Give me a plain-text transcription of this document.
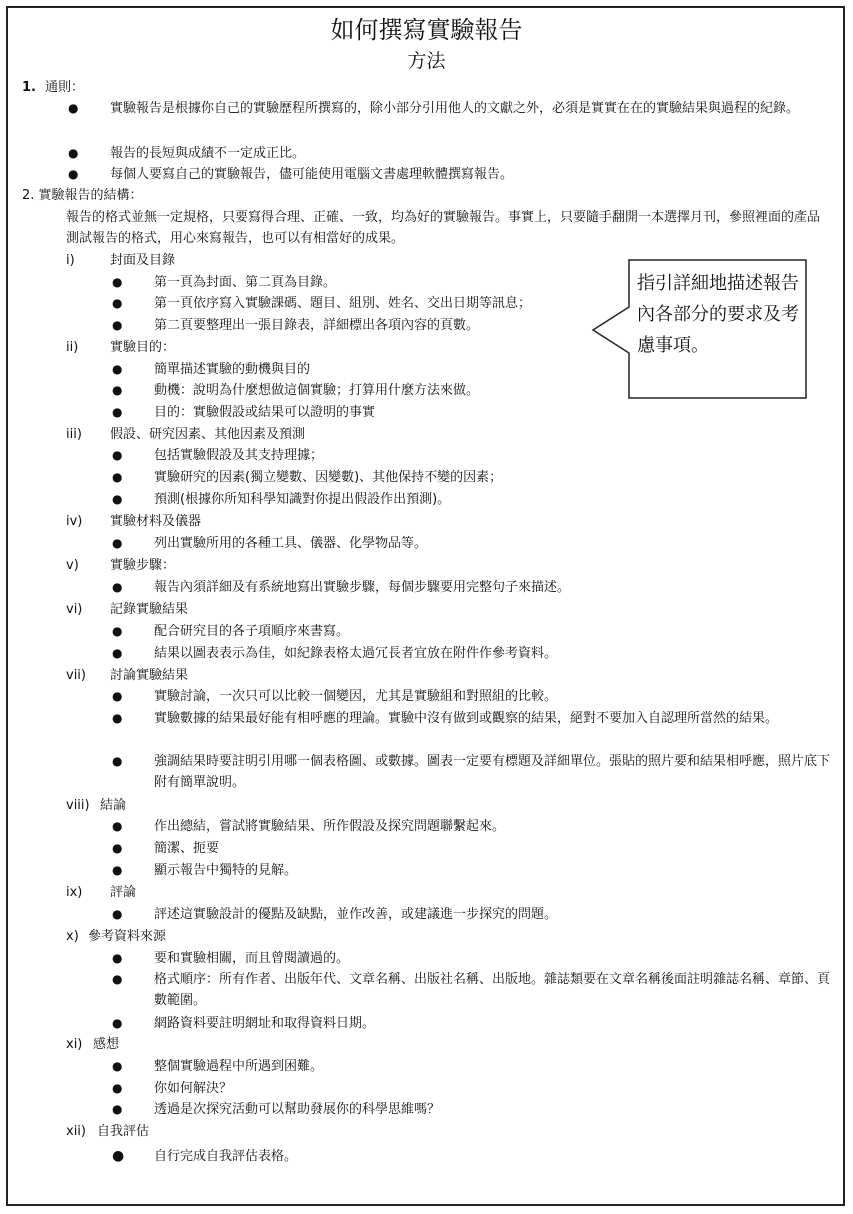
如何撰寫實驗報告
方法
1. 通則：
● 實驗報告是根據你自己的實驗歷程所撰寫的，除小部分引用他人的文獻之外，必須是實實在在的實驗結果與過程的紀錄。
● 報告的長短與成績不一定成正比。
● 每個人要寫自己的實驗報告，儘可能使用電腦文書處理軟體撰寫報告。
2. 實驗報告的結構：
報告的格式並無一定規格，只要寫得合理、正確、一致，均為好的實驗報告。事實上，只要隨手翻開一本選擇月刊，參照裡面的產品測試報告的格式，用心來寫報告，也可以有相當好的成果。
i)	封面及目錄
● 第一頁為封面、第二頁為目錄。
● 第一頁依序寫入實驗課碼、題目、組別、姓名、交出日期等訊息；
● 第二頁要整理出一張目錄表，詳細標出各項內容的頁數。
ii) 實驗目的：
● 簡單描述實驗的動機與目的
● 動機：說明為什麼想做這個實驗；打算用什麼方法來做。
● 目的：實驗假設或結果可以證明的事實
iii) 假設、研究因素、其他因素及預測
● 包括實驗假設及其支持理據；
● 實驗研究的因素(獨立變數、因變數)、其他保持不變的因素；
● 預測(根據你所知科學知識對你提出假設作出預測)。
iv) 實驗材料及儀器
● 列出實驗所用的各種工具、儀器、化學物品等。
v) 實驗步驟：
● 報告內須詳細及有系統地寫出實驗步驟，每個步驟要用完整句子來描述。
vi) 記錄實驗結果
● 配合研究目的各子項順序來書寫。
● 結果以圖表表示為佳，如紀錄表格太過冗長者宜放在附件作參考資料。
vii) 討論實驗結果
● 實驗討論，一次只可以比較一個變因，尤其是實驗組和對照組的比較。
● 實驗數據的結果最好能有相呼應的理論。實驗中沒有做到或觀察的結果，絕對不要加入自認理所當然的結果。
● 強調結果時要註明引用哪一個表格圖、或數據。圖表一定要有標題及詳細單位。張貼的照片要和結果相呼應，照片底下附有簡單說明。
viii) 結論
● 作出總結，嘗試將實驗結果、所作假設及探究問題聯繫起來。
● 簡潔、扼要
● 顯示報告中獨特的見解。
ix) 評論
● 評述這實驗設計的優點及缺點，並作改善，或建議進一步探究的問題。
x) 參考資料來源
● 要和實驗相關，而且曾閱讀過的。
● 格式順序：所有作者、出版年代、文章名稱、出版社名稱、出版地。雜誌類要在文章名稱後面註明雜誌名稱、章節、頁數範圍。
● 網路資料要註明網址和取得資料日期。
xi) 感想
● 整個實驗過程中所遇到困難。
● 你如何解決？
● 透過是次探究活動可以幫助發展你的科學思維嗎？
xii) 自我評估
● 自行完成自我評估表格。
指引詳細地描述報告內各部分的要求及考慮事項。
